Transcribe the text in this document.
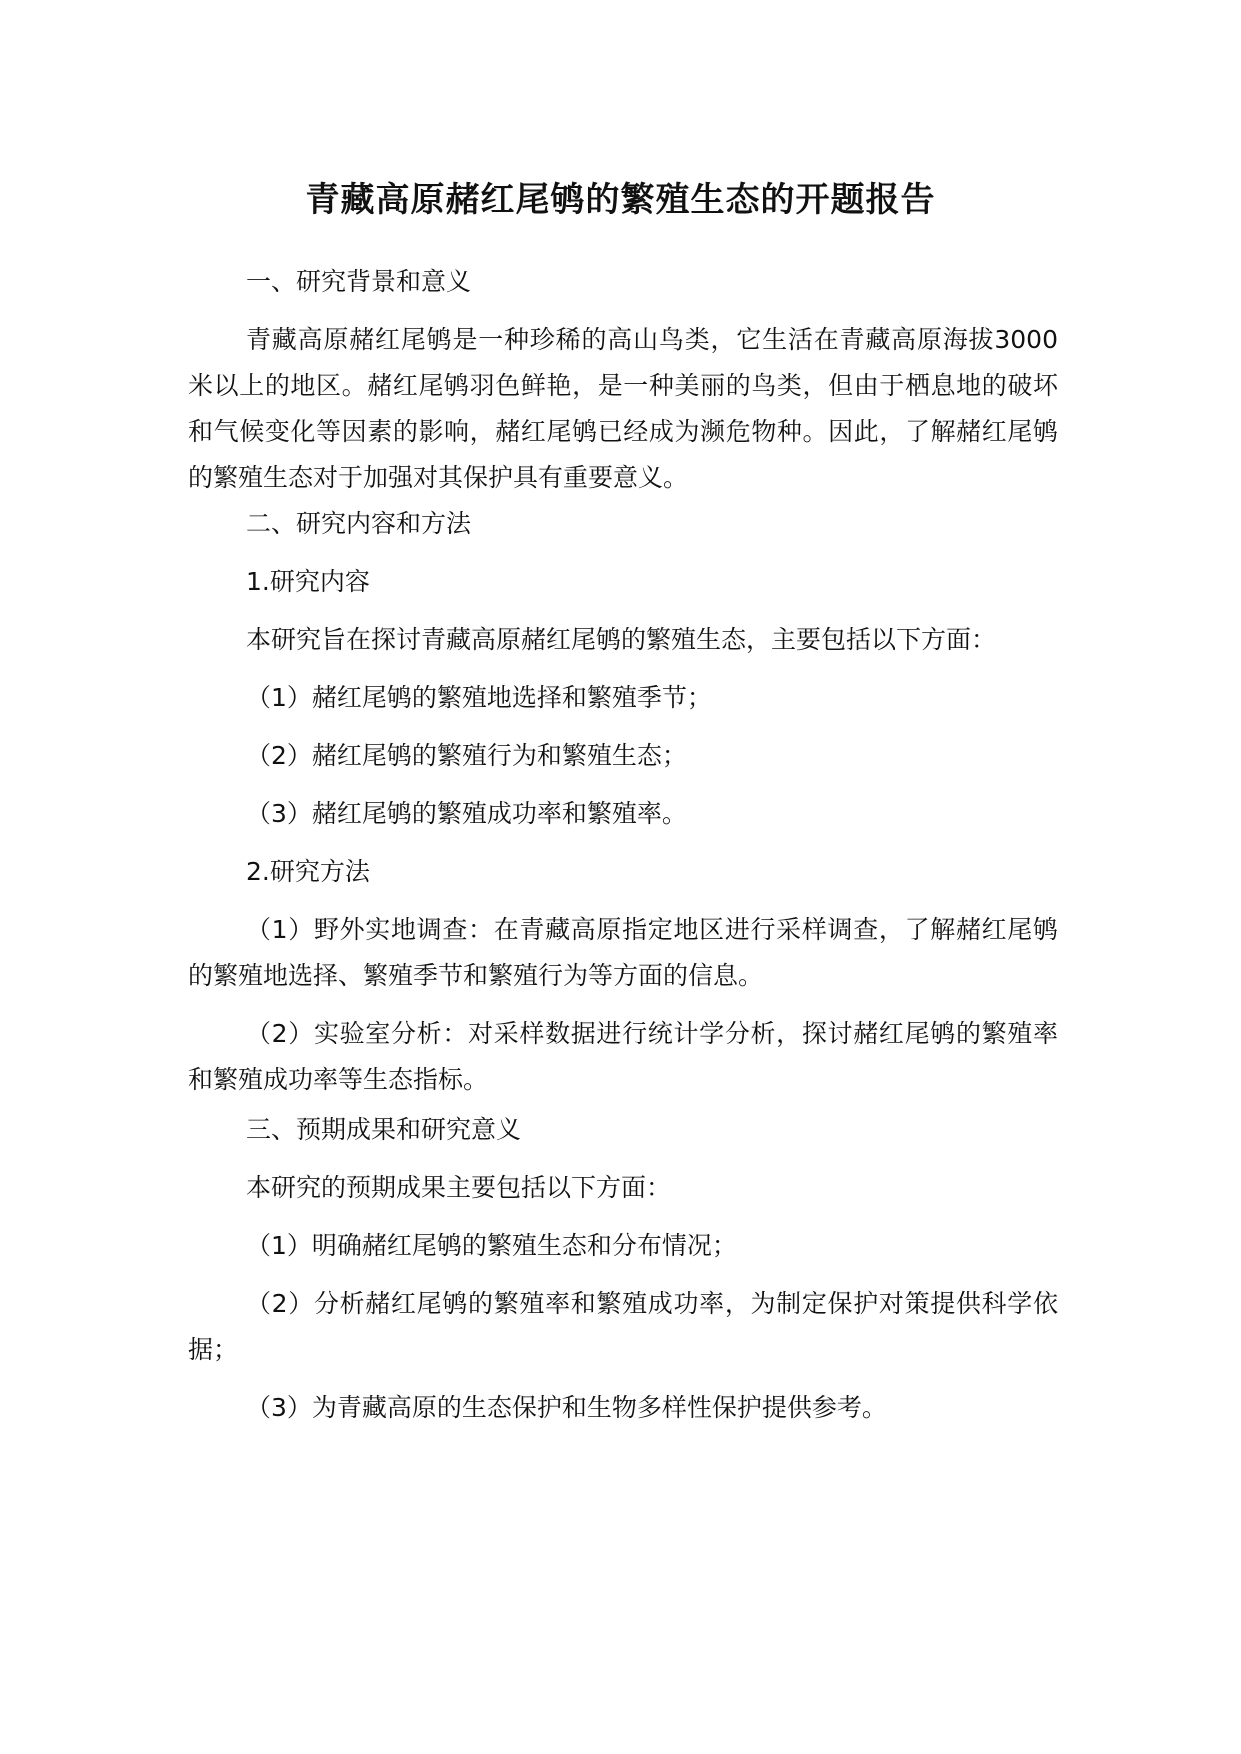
青藏高原赭红尾鸲的繁殖生态的开题报告

一、研究背景和意义

青藏高原赭红尾鸲是一种珍稀的高山鸟类，它生活在青藏高原海拔3000米以上的地区。赭红尾鸲羽色鲜艳，是一种美丽的鸟类，但由于栖息地的破坏和气候变化等因素的影响，赭红尾鸲已经成为濒危物种。因此，了解赭红尾鸲的繁殖生态对于加强对其保护具有重要意义。

二、研究内容和方法

1.研究内容

本研究旨在探讨青藏高原赭红尾鸲的繁殖生态，主要包括以下方面：

（1）赭红尾鸲的繁殖地选择和繁殖季节；

（2）赭红尾鸲的繁殖行为和繁殖生态；

（3）赭红尾鸲的繁殖成功率和繁殖率。

2.研究方法

（1）野外实地调查：在青藏高原指定地区进行采样调查，了解赭红尾鸲的繁殖地选择、繁殖季节和繁殖行为等方面的信息。

（2）实验室分析：对采样数据进行统计学分析，探讨赭红尾鸲的繁殖率和繁殖成功率等生态指标。

三、预期成果和研究意义

本研究的预期成果主要包括以下方面：

（1）明确赭红尾鸲的繁殖生态和分布情况；

（2）分析赭红尾鸲的繁殖率和繁殖成功率，为制定保护对策提供科学依据；

（3）为青藏高原的生态保护和生物多样性保护提供参考。
